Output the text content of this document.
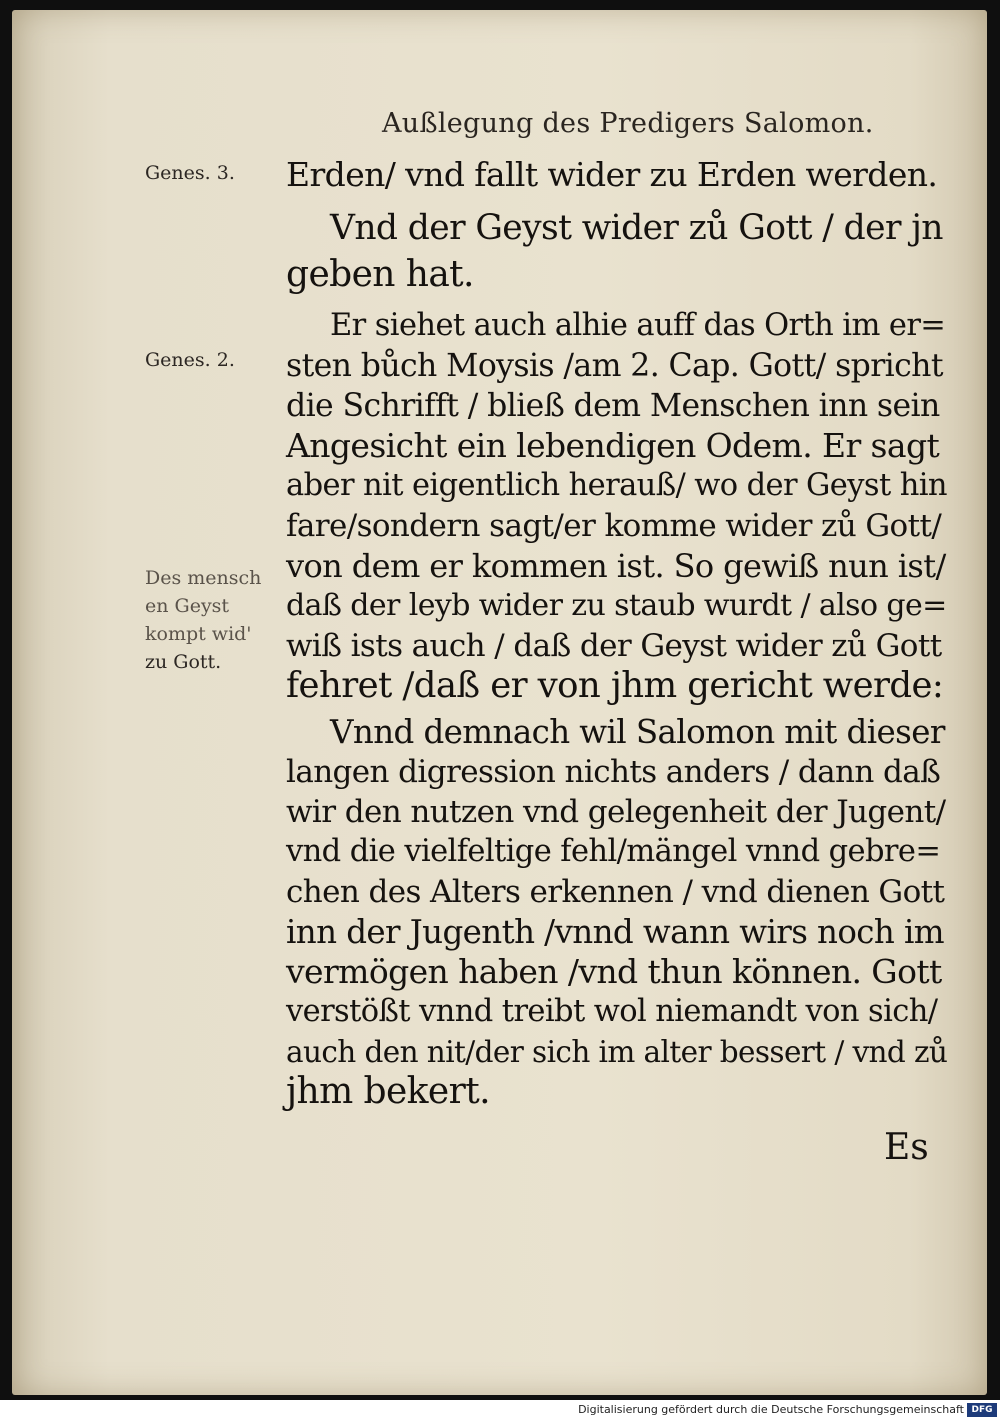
Außlegung des Predigers Salomon.
Genes. 3.
Genes. 2.
Des mensch
en Geyst
kompt wid'
zu Gott.
Erden/ vnd fallt wider zu Erden werden.
Vnd der Geyst wider zů Gott / der jn
geben hat.
Er siehet auch alhie auff das Orth im er=
sten bůch Moysis /am 2. Cap. Gott/ spricht
die Schrifft / bließ dem Menschen inn sein
Angesicht ein lebendigen Odem. Er sagt
aber nit eigentlich herauß/ wo der Geyst hin
fare/sondern sagt/er komme wider zů Gott/
von dem er kommen ist. So gewiß nun ist/
daß der leyb wider zu staub wurdt / also ge=
wiß ists auch / daß der Geyst wider zů Gott
fehret /daß er von jhm gericht werde:
Vnnd demnach wil Salomon mit dieser
langen digression nichts anders / dann daß
wir den nutzen vnd gelegenheit der Jugent/
vnd die vielfeltige fehl/mängel vnnd gebre=
chen des Alters erkennen / vnd dienen Gott
inn der Jugenth /vnnd wann wirs noch im
vermögen haben /vnd thun können. Gott
verstößt vnnd treibt wol niemandt von sich/
auch den nit/der sich im alter bessert / vnd zů
jhm bekert.
Es
Digitalisierung gefördert durch die Deutsche Forschungsgemeinschaft DFG
